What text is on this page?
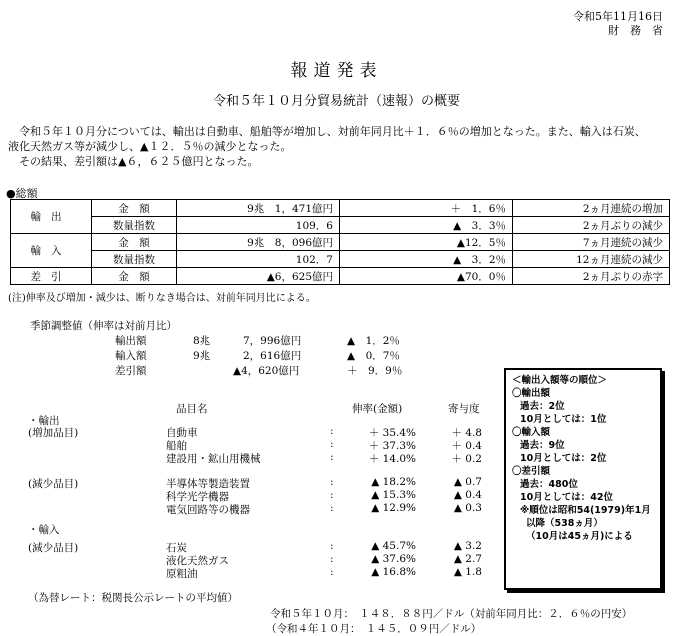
令和5年11月16日
財　務　省
報道発表
令和５年１０月分貿易統計（速報）の概要

　令和５年１０月分については、輸出は自動車、船舶等が増加し、対前年同月比＋１．６％の増加となった。また、輸入は石炭、液化天然ガス等が減少し、▲１２．５％の減少となった。

　その結果、差引額は▲６，６２５億円となった。

●総額
輸出	金　額	9兆　1，471億円	＋　1．6％	2ヵ月連続の増加
	数量指数	109．6	▲　3．3％	2ヵ月ぶりの減少
輸入	金　額	9兆　8，096億円	▲12．5％	7ヵ月連続の減少
	数量指数	102．7	▲　3．2％	12ヵ月連続の減少
差引	金　額	▲6，625億円	▲70．0％	2ヵ月ぶりの赤字
(注)伸率及び増加・減少は、断りなき場合は、対前年同月比による。
季節調整値（伸率は対前月比）
輸出額	8兆	7，996億円	▲　1．2％
輸入額	9兆	2，616億円	▲　0．7％
差引額	▲4，620億円	＋　9．9％
品目名	伸率(金額)	寄与度
・輸出
(増加品目)	自動車	:	＋ 35.4%	＋ 4.8
船舶	:	＋ 37.3%	＋ 0.4
建設用・鉱山用機械	:	＋ 14.0%	＋ 0.2
(減少品目)	半導体等製造装置	:	▲ 18.2%	▲ 0.7
科学光学機器	:	▲ 15.3%	▲ 0.4
電気回路等の機器	:	▲ 12.9%	▲ 0.3
・輸入
(減少品目)	石炭	:	▲ 45.7%	▲ 3.2
液化天然ガス	:	▲ 37.6%	▲ 2.7
原粗油	:	▲ 16.8%	▲ 1.8
＜輸出入額等の順位＞
〇輸出額
過去：2位
10月としては：1位
〇輸入額
過去：9位
10月としては：2位
〇差引額
過去：480位
10月としては：42位
※順位は昭和54(1979)年1月
以降（538ヵ月）
（10月は45ヵ月)による
（為替レート：税関長公示レートの平均値）
令和５年１０月：　１４８．８８円／ドル（対前年同月比：２．６％の円安）
（令和４年１０月：　１４５．０９円／ドル）
